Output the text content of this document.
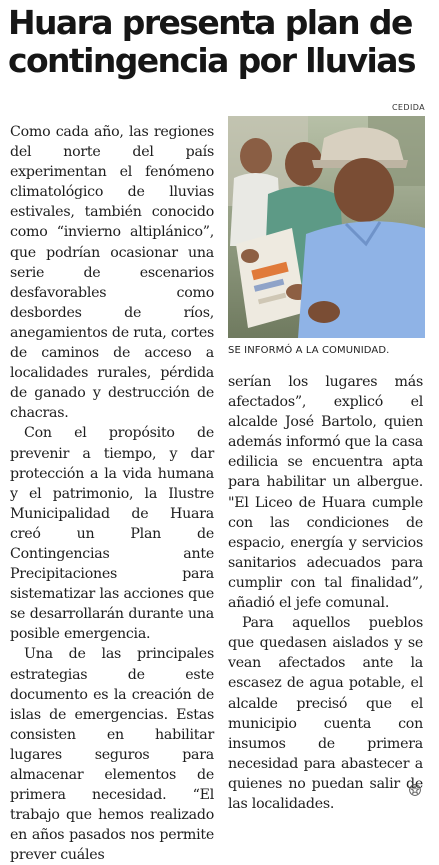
Huara presenta plan de contingencia por lluvias
CEDIDA

Como cada año, las regiones del norte del país experimentan el fenómeno climatológico de lluvias estivales, también conocido como “invierno altiplánico”, que podrían ocasionar una serie de escenarios desfavorables como desbordes de ríos, anegamientos de ruta, cortes de caminos de acceso a localidades rurales, pérdida de ganado y destrucción de chacras.

Con el propósito de prevenir a tiempo, y dar protección a la vida humana y el patrimonio, la Ilustre Municipalidad de Huara creó un Plan de Contingencias ante Precipitaciones para sistematizar las acciones que se desarrollarán durante una posible emergencia.

Una de las principales estrategias de este documento es la creación de islas de emergencias. Estas consisten en habilitar lugares seguros para almacenar elementos de primera necesidad. “El trabajo que hemos realizado en años pasados nos permite prever cuáles

SE INFORMÓ A LA COMUNIDAD.

serían los lugares más afectados”, explicó el alcalde José Bartolo, quien además informó que la casa edilicia se encuentra apta para habilitar un albergue. "El Liceo de Huara cumple con las condiciones de espacio, energía y servicios sanitarios adecuados para cumplir con tal finalidad”, añadió el jefe comunal.

Para aquellos pueblos que quedasen aislados y se vean afectados ante la escasez de agua potable, el alcalde precisó que el municipio cuenta con insumos de primera necesidad para abastecer a quienes no puedan salir de las localidades.
